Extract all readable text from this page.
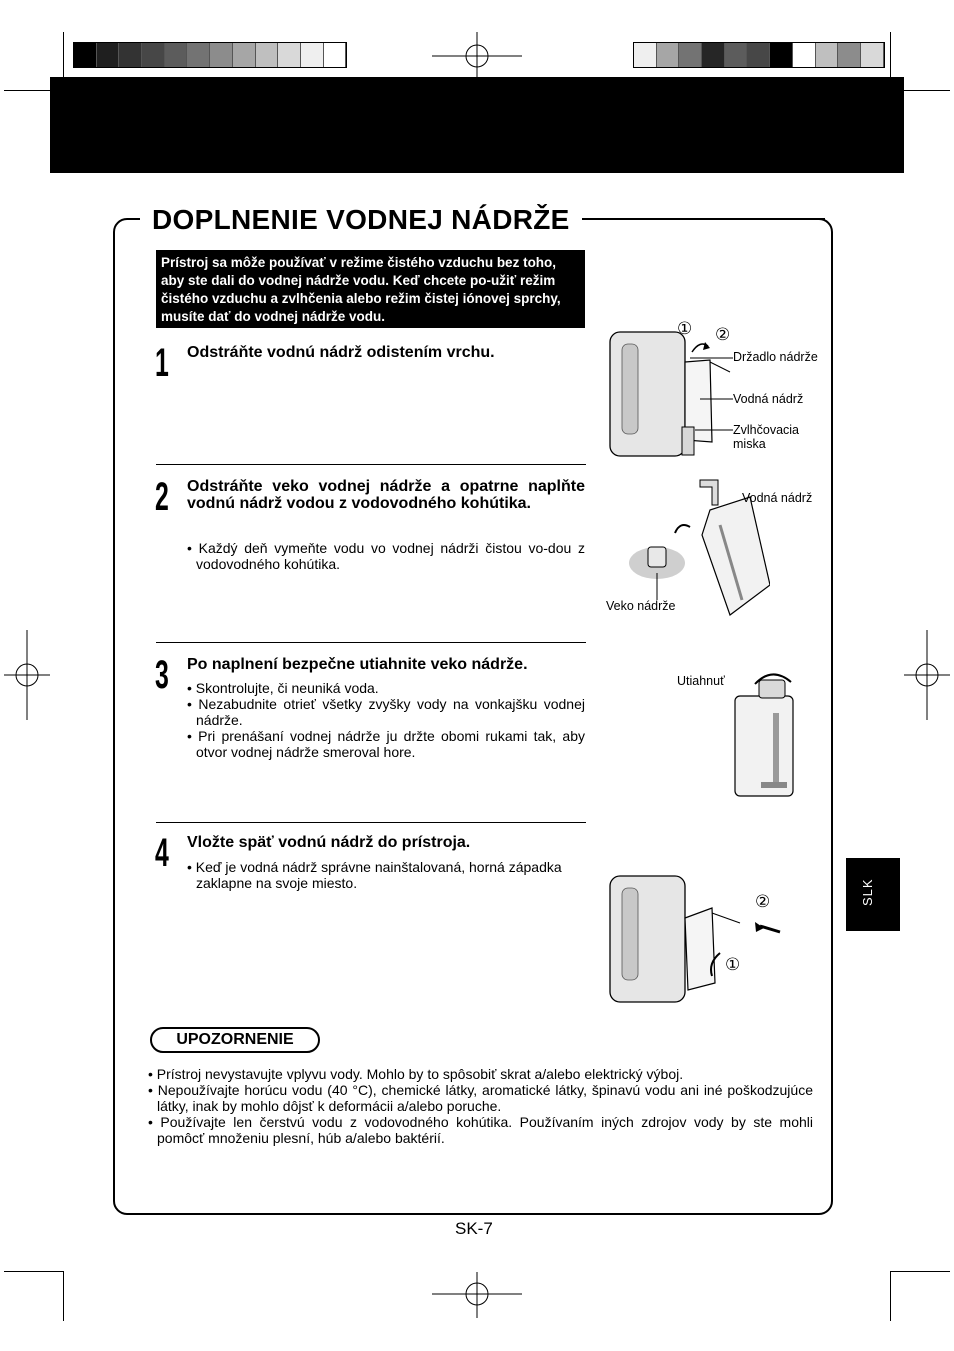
DOPLNENIE VODNEJ NÁDRŽE
Prístroj sa môže používať v režime čistého vzduchu bez toho, aby ste dali do vodnej nádrže vodu. Keď chcete po-užiť režim čistého vzduchu a zvlhčenia alebo režim čistej iónovej sprchy, musíte dať do vodnej nádrže vodu.
1 Odstráňte vodnú nádrž odistením vrchu.
2 Odstráňte veko vodnej nádrže a opatrne naplňte vodnú nádrž vodou z vodovodného kohútika.

• Každý deň vymeňte vodu vo vodnej nádrži čistou vo-dou z vodovodného kohútika.

3 Po naplnení bezpečne utiahnite veko nádrže.

• Skontrolujte, či neuniká voda.

• Nezabudnite otrieť všetky zvyšky vody na vonkajšku vodnej nádrže.

• Pri prenášaní vodnej nádrže ju držte obomi rukami tak, aby otvor vodnej nádrže smeroval hore.

4 Vložte späť vodnú nádrž do prístroja.

• Keď je vodná nádrž správne nainštalovaná, horná západka zaklapne na svoje miesto.

① ②
Držadlo nádrže
Vodná nádrž
Zvlhčovacia miska
Vodná nádrž
Veko nádrže
Utiahnuť
②
①
UPOZORNENIE

• Prístroj nevystavujte vplyvu vody. Mohlo by to spôsobiť skrat a/alebo elektrický výboj.

• Nepoužívajte horúcu vodu (40 °C), chemické látky, aromatické látky, špinavú vodu ani iné poškodzujúce látky, inak by mohlo dôjsť k deformácii a/alebo poruche.

• Používajte len čerstvú vodu z vodovodného kohútika. Používaním iných zdrojov vody by ste mohli pomôcť množeniu plesní, húb a/alebo baktérií.

SK-7
SLK
